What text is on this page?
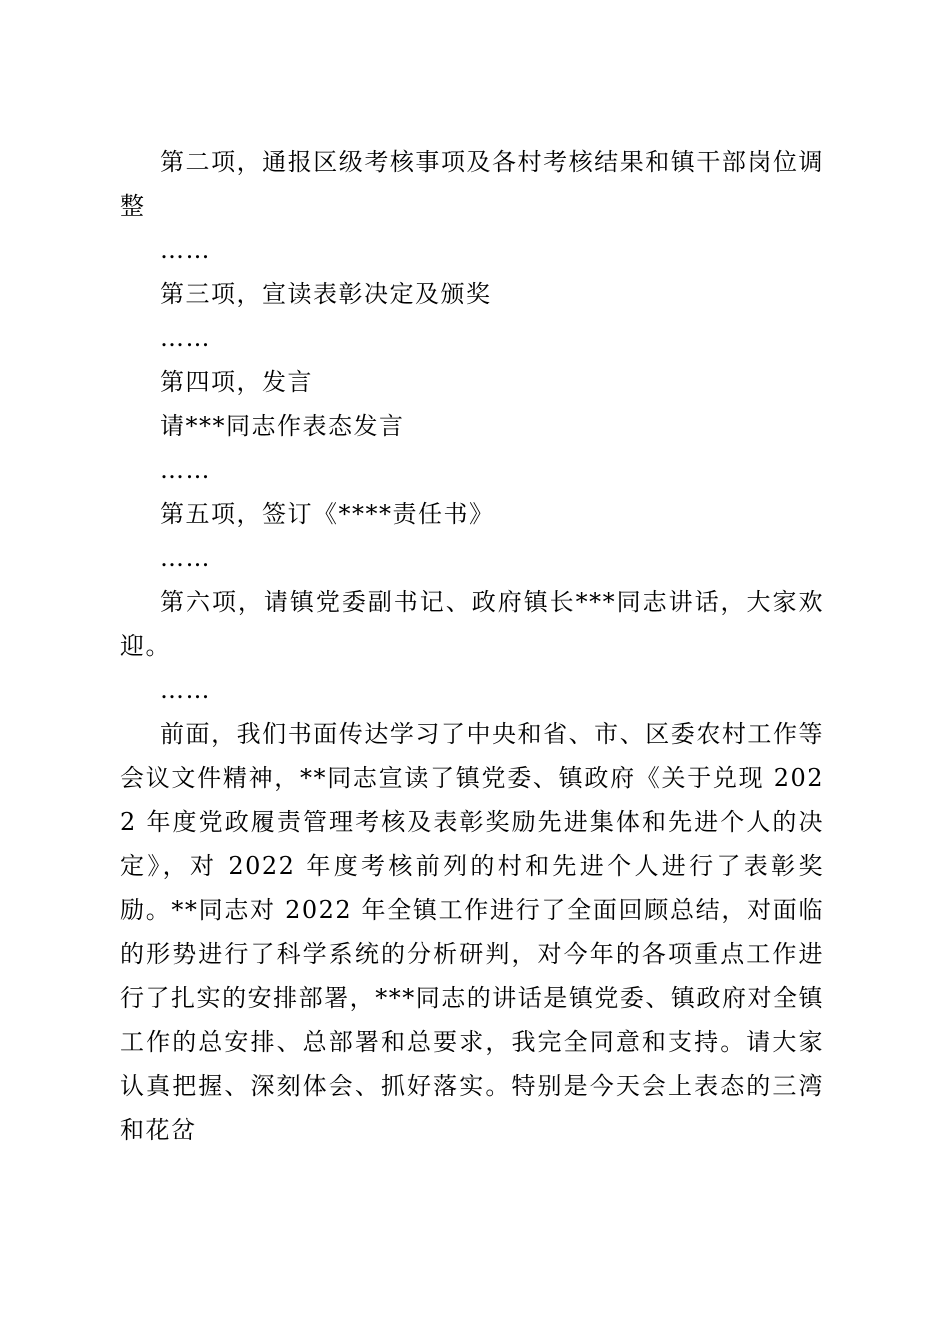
第二项，通报区级考核事项及各村考核结果和镇干部岗位调整

……

第三项，宣读表彰决定及颁奖

……

第四项，发言

请***同志作表态发言

……

第五项，签订《****责任书》

……

第六项，请镇党委副书记、政府镇长***同志讲话，大家欢迎。

……

前面，我们书面传达学习了中央和省、市、区委农村工作等会议文件精神，**同志宣读了镇党委、镇政府《关于兑现 2022 年度党政履责管理考核及表彰奖励先进集体和先进个人的决定》，对 2022 年度考核前列的村和先进个人进行了表彰奖励。**同志对 2022 年全镇工作进行了全面回顾总结，对面临的形势进行了科学系统的分析研判，对今年的各项重点工作进行了扎实的安排部署，***同志的讲话是镇党委、镇政府对全镇工作的总安排、总部署和总要求，我完全同意和支持。请大家认真把握、深刻体会、抓好落实。特别是今天会上表态的三湾和花岔
